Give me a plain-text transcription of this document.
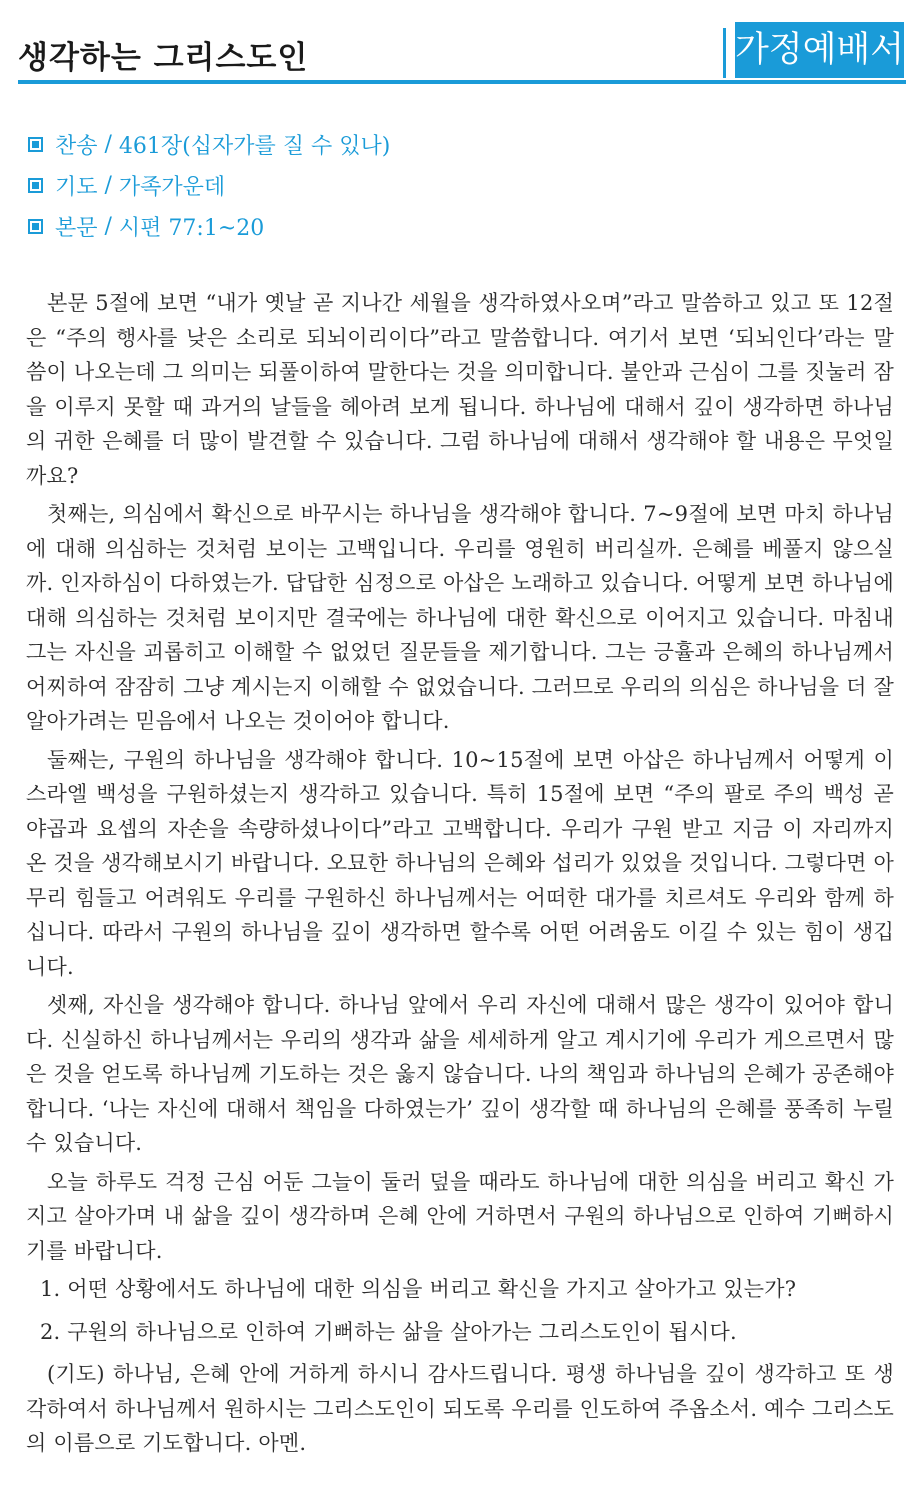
생각하는 그리스도인	가정예배서
찬송 / 461장(십자가를 질 수 있나)
기도 / 가족가운데
본문 / 시편 77:1~20

본문 5절에 보면 “내가 옛날 곧 지나간 세월을 생각하였사오며”라고 말씀하고 있고 또 12절은 “주의 행사를 낮은 소리로 되뇌이리이다”라고 말씀합니다. 여기서 보면 ‘되뇌인다’라는 말씀이 나오는데 그 의미는 되풀이하여 말한다는 것을 의미합니다. 불안과 근심이 그를 짓눌러 잠을 이루지 못할 때 과거의 날들을 헤아려 보게 됩니다. 하나님에 대해서 깊이 생각하면 하나님의 귀한 은혜를 더 많이 발견할 수 있습니다. 그럼 하나님에 대해서 생각해야 할 내용은 무엇일까요?

첫째는, 의심에서 확신으로 바꾸시는 하나님을 생각해야 합니다. 7~9절에 보면 마치 하나님에 대해 의심하는 것처럼 보이는 고백입니다. 우리를 영원히 버리실까. 은혜를 베풀지 않으실까. 인자하심이 다하였는가. 답답한 심정으로 아삽은 노래하고 있습니다. 어떻게 보면 하나님에 대해 의심하는 것처럼 보이지만 결국에는 하나님에 대한 확신으로 이어지고 있습니다. 마침내 그는 자신을 괴롭히고 이해할 수 없었던 질문들을 제기합니다. 그는 긍휼과 은혜의 하나님께서 어찌하여 잠잠히 그냥 계시는지 이해할 수 없었습니다. 그러므로 우리의 의심은 하나님을 더 잘 알아가려는 믿음에서 나오는 것이어야 합니다.

둘째는, 구원의 하나님을 생각해야 합니다. 10~15절에 보면 아삽은 하나님께서 어떻게 이스라엘 백성을 구원하셨는지 생각하고 있습니다. 특히 15절에 보면 “주의 팔로 주의 백성 곧 야곱과 요셉의 자손을 속량하셨나이다”라고 고백합니다. 우리가 구원 받고 지금 이 자리까지 온 것을 생각해보시기 바랍니다. 오묘한 하나님의 은혜와 섭리가 있었을 것입니다. 그렇다면 아무리 힘들고 어려워도 우리를 구원하신 하나님께서는 어떠한 대가를 치르셔도 우리와 함께 하십니다. 따라서 구원의 하나님을 깊이 생각하면 할수록 어떤 어려움도 이길 수 있는 힘이 생깁니다.

셋째, 자신을 생각해야 합니다. 하나님 앞에서 우리 자신에 대해서 많은 생각이 있어야 합니다. 신실하신 하나님께서는 우리의 생각과 삶을 세세하게 알고 계시기에 우리가 게으르면서 많은 것을 얻도록 하나님께 기도하는 것은 옳지 않습니다. 나의 책임과 하나님의 은혜가 공존해야 합니다. ‘나는 자신에 대해서 책임을 다하였는가’ 깊이 생각할 때 하나님의 은혜를 풍족히 누릴 수 있습니다.

오늘 하루도 걱정 근심 어둔 그늘이 둘러 덮을 때라도 하나님에 대한 의심을 버리고 확신 가지고 살아가며 내 삶을 깊이 생각하며 은혜 안에 거하면서 구원의 하나님으로 인하여 기뻐하시기를 바랍니다.

1. 어떤 상황에서도 하나님에 대한 의심을 버리고 확신을 가지고 살아가고 있는가?

2. 구원의 하나님으로 인하여 기뻐하는 삶을 살아가는 그리스도인이 됩시다.

(기도) 하나님, 은혜 안에 거하게 하시니 감사드립니다. 평생 하나님을 깊이 생각하고 또 생각하여서 하나님께서 원하시는 그리스도인이 되도록 우리를 인도하여 주옵소서. 예수 그리스도의 이름으로 기도합니다. 아멘.
